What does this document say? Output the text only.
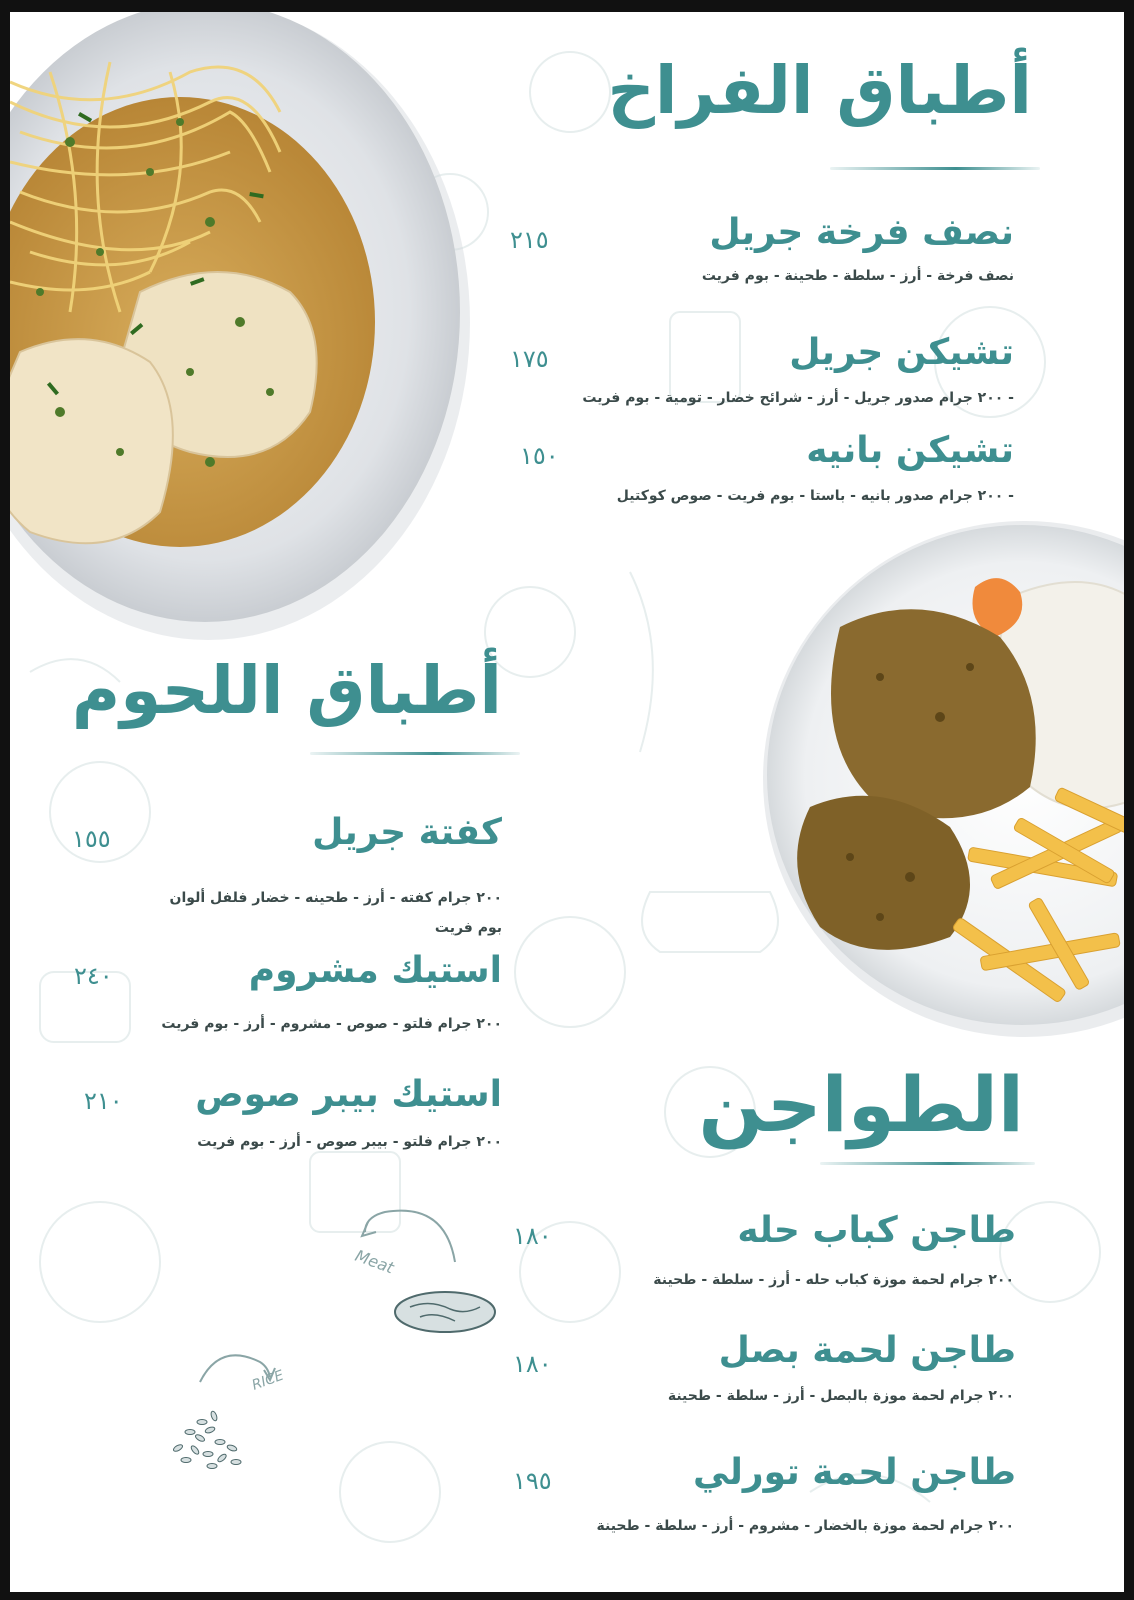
أطباق الفراخ
نصف فرخة جريل
٢١٥
نصف فرخة - أرز - سلطة - طحينة - بوم فريت
تشيكن جريل
١٧٥
- ٢٠٠ جرام صدور جريل - أرز - شرائح خضار - تومية - بوم فريت
تشيكن بانيه
١٥٠
- ٢٠٠ جرام صدور بانيه - باستا - بوم فريت - صوص كوكتيل
أطباق اللحوم
كفتة جريل
١٥٥
٢٠٠ جرام كفته - أرز - طحينه - خضار فلفل ألوان
بوم فريت
استيك مشروم
٢٤٠
٢٠٠ جرام فلتو - صوص - مشروم - أرز - بوم فريت
استيك بيبر صوص
٢١٠
٢٠٠ جرام فلتو - بيبر صوص - أرز - بوم فريت	الطواجن
طاجن كباب حله
١٨٠
٢٠٠ جرام لحمة موزة كباب حله - أرز - سلطة - طحينة
طاجن لحمة بصل
١٨٠
٢٠٠ جرام لحمة موزة بالبصل - أرز - سلطة - طحينة
طاجن لحمة تورلي
١٩٥
٢٠٠ جرام لحمة موزة بالخضار - مشروم - أرز - سلطة - طحينة
Meat
RICE
